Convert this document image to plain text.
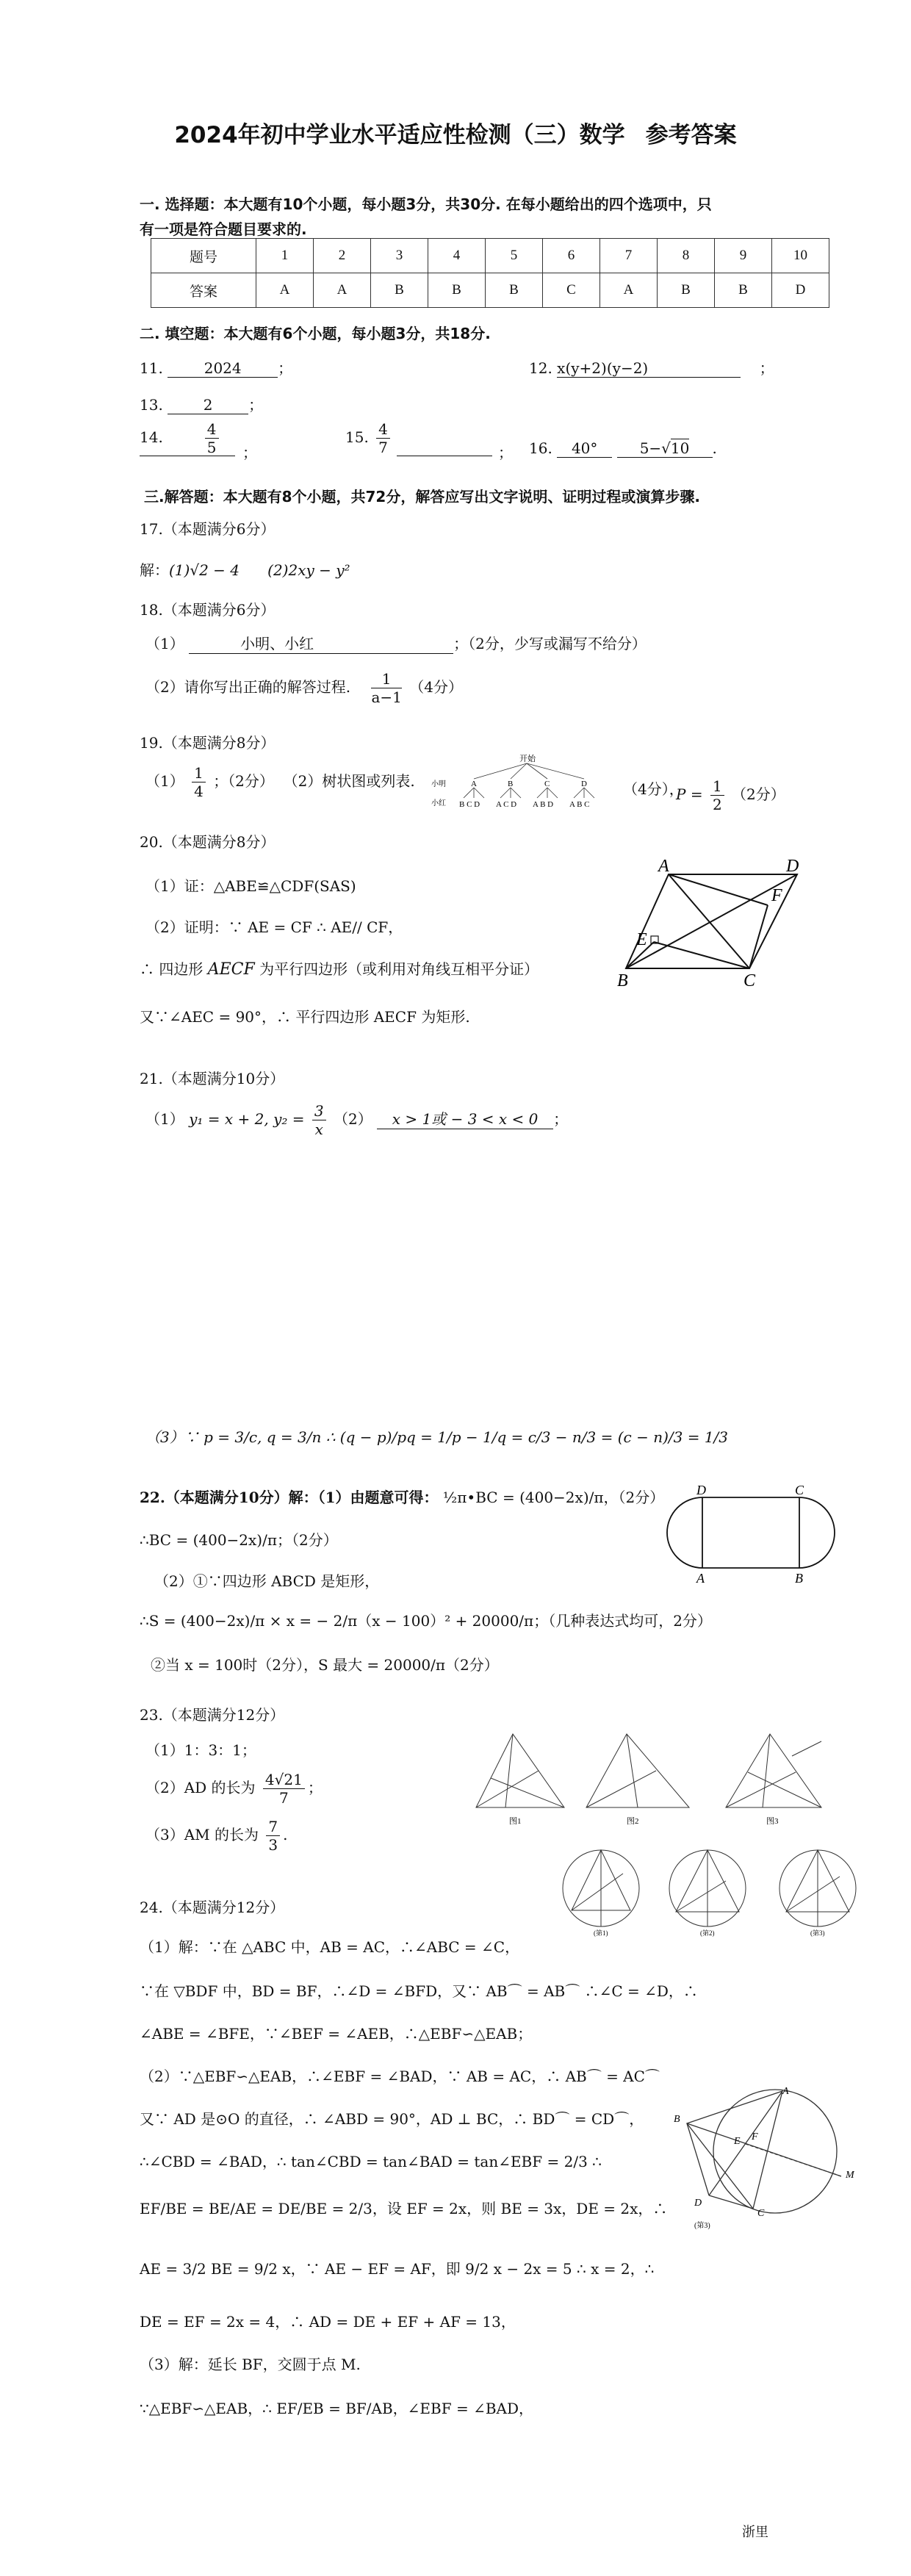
2024年初中学业水平适应性检测（三）数学 参考答案
一. 选择题：本大题有10个小题，每小题3分，共30分. 在每小题给出的四个选项中，只
有一项是符合题目要求的.
题号	1	2	3	4	5	6	7	8	9	10
答案	A	A	B	B	B	C	A	B	B	D
二. 填空题：本大题有6个小题，每小题3分，共18分.
11.	2024 ；	12. x(y+2)(y−2)	；
13.	2 ；
14.	$\frac{4}{5}$ ；
15. $\frac{4}{7}$	； 16. 40°	5−√10 .
三.解答题：本大题有8个小题，共72分，解答应写出文字说明、证明过程或演算步骤.
17.（本题满分6分）
解：(1)√2 − 4 (2)2xy − y²
18.（本题满分6分）
（1）	小明、小红	；（2分，少写或漏写不给分）
（2）请你写出正确的解答过程. $\frac{1}{a-1} (4$分）
19.（本题满分8分）
$(1) \frac{1}{4}$ ；（2分） （2）树状图或列表.
开始
小明
小红
A	B	C	D
B C D A C D A B D A B C
（4分），
$P = \frac{1}{2} (2$分）
20.（本题满分8分）
（1）证：△ABE≌△CDF(SAS)
（2）证明：∵ AE = CF ∴ AE// CF，
∴ 四边形 AECF 为平行四边形（或利用对角线互相平分证）
又∵∠AEC = 90°，∴ 平行四边形 AECF 为矩形.
A	D
F
E
B	C
21.（本题满分10分）
（1） y₁ = x + 2, $y_2 = \frac{3}{x} (2) x > 1$或 − 3 < x < 0 ；
（3）∵ p = 3/c, q = 3/n ∴ (q − p)/pq = 1/p − 1/q = c/3 − n/3 = (c − n)/3 = 1/3
22.（本题满分10分）解：（1）由题意可得： ½π•BC = (400−2x)/π，（2分）
∴BC = (400−2x)/π；（2分）
（2）①∵四边形 ABCD 是矩形，
∴S = (400−2x)/π × x = − 2/π（x − 100）² + 20000/π；（几种表达式均可，2分）
②当 x = 100时（2分），S 最大 = 20000/π（2分）
D	C
A	B
23.（本题满分12分）
（1）1：3：1；
（2）AD 的长为 $\frac{4√21}{7}$ ；
（3）AM 的长为 $\frac{7}{3}$ .
图1	图2	图3
24.（本题满分12分）
(第1)	(第2)	(第3)
（1）解：∵在 △ABC 中，AB = AC，∴∠ABC = ∠C，
∵在 ▽BDF 中，BD = BF，∴∠D = ∠BFD，又∵ AB⌒ = AB⌒ ∴∠C = ∠D，∴
∠ABE = ∠BFE，∵∠BEF = ∠AEB，∴△EBF∽△EAB；
（2）∵△EBF∽△EAB，∴∠EBF = ∠BAD，∵ AB = AC，∴ AB⌒ = AC⌒
又∵ AD 是⊙O 的直径，∴ ∠ABD = 90°，AD ⊥ BC，∴ BD⌒ = CD⌒，
∴∠CBD = ∠BAD，∴ tan∠CBD = tan∠BAD = tan∠EBF = 2/3 ∴
EF/BE = BE/AE = DE/BE = 2/3，设 EF = 2x，则 BE = 3x，DE = 2x，∴
AE = 3/2 BE = 9/2 x，∵ AE − EF = AF，即 9/2 x − 2x = 5 ∴ x = 2，∴
DE = EF = 2x = 4，∴ AD = DE + EF + AF = 13，
（3）解：延长 BF，交圆于点 M.
∵△EBF∽△EAB，∴ EF/EB = BF/AB，∠EBF = ∠BAD，
B
A
D
C
E F
M
(第3)
浙里
